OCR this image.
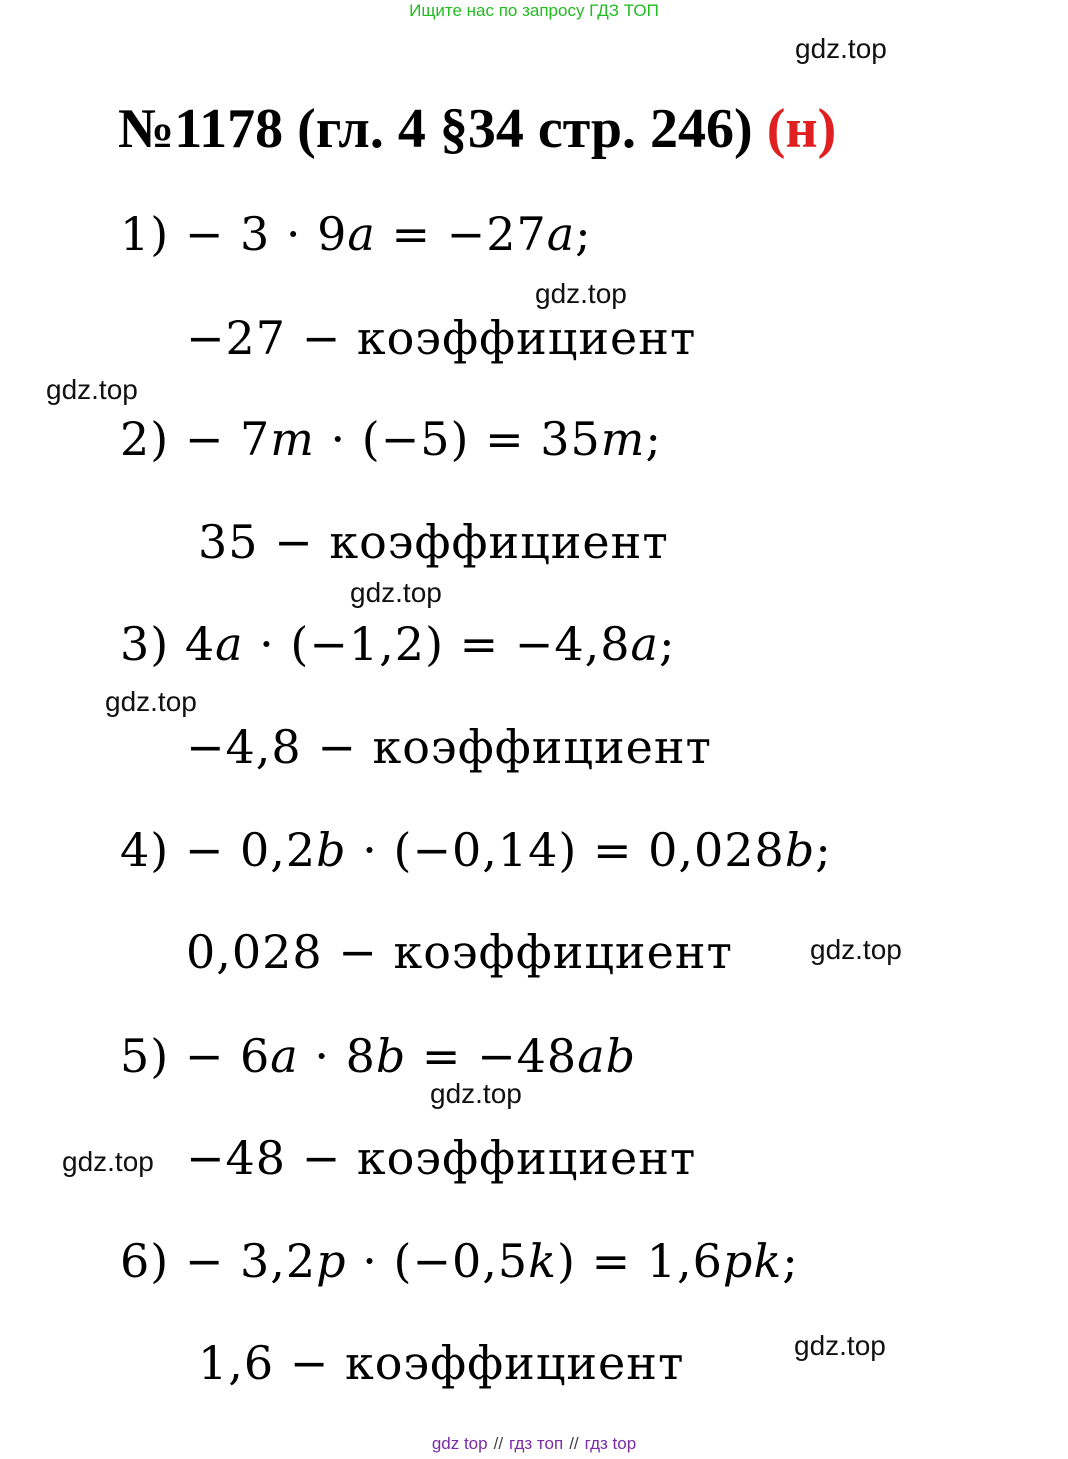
Ищите нас по запросу ГДЗ ТОП
gdz.top
№1178 (гл. 4 §34 стр. 246) (н)
1) − 3 · 9a = −27a;
gdz.top
−27 − коэффициент
gdz.top
2) − 7m · (−5) = 35m;
35 − коэффициент
gdz.top
3) 4a · (−1,2) = −4,8a;
gdz.top
−4,8 − коэффициент
4) − 0,2b · (−0,14) = 0,028b;
0,028 − коэффициент	gdz.top
5) − 6a · 8b = −48ab
gdz.top
gdz.top −48 − коэффициент
6) − 3,2p · (−0,5k) = 1,6pk;
gdz.top
1,6 − коэффициент
gdz top // гдз топ // гдз top
